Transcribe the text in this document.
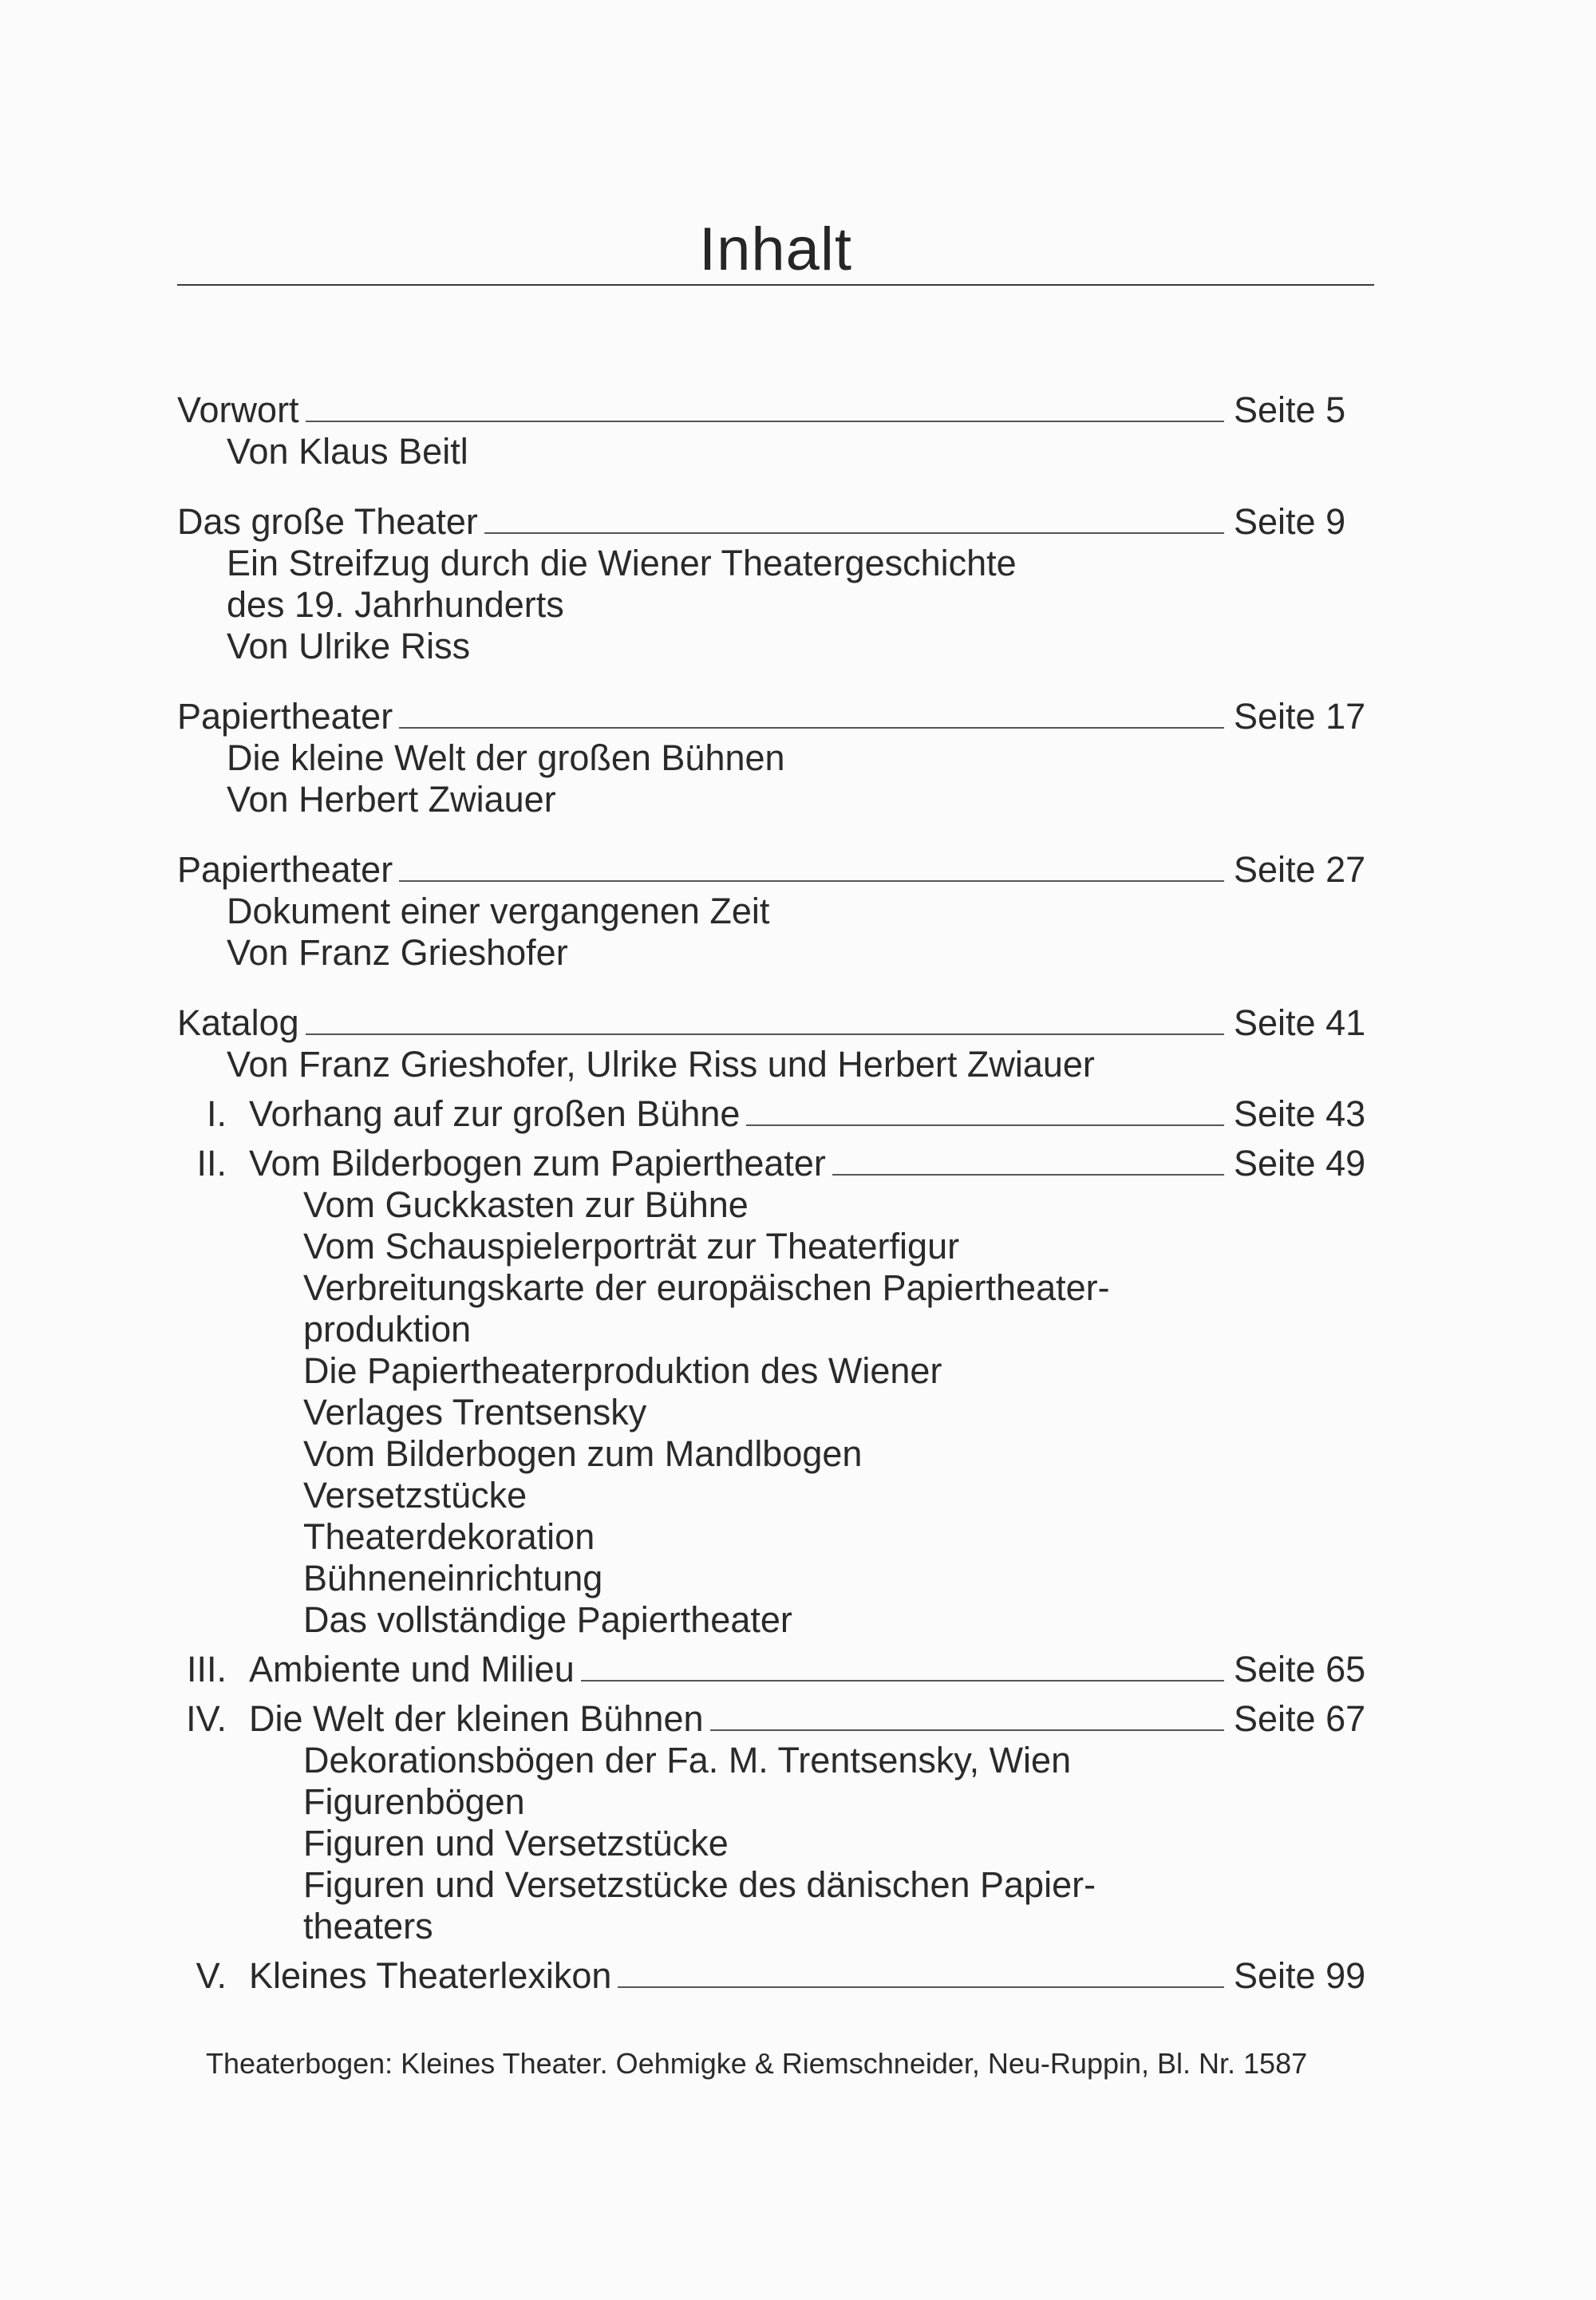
Inhalt
Vorwort	Seite 5
Von Klaus Beitl
Das große Theater	Seite 9
Ein Streifzug durch die Wiener Theatergeschichte
des 19. Jahrhunderts
Von Ulrike Riss
Papiertheater	Seite 17
Die kleine Welt der großen Bühnen
Von Herbert Zwiauer
Papiertheater	Seite 27
Dokument einer vergangenen Zeit
Von Franz Grieshofer
Katalog	Seite 41
Von Franz Grieshofer, Ulrike Riss und Herbert Zwiauer
I. Vorhang auf zur großen Bühne	Seite 43
II. Vom Bilderbogen zum Papiertheater	Seite 49
Vom Guckkasten zur Bühne
Vom Schauspielerporträt zur Theaterfigur
Verbreitungskarte der europäischen Papiertheater-
produktion
Die Papiertheaterproduktion des Wiener
Verlages Trentsensky
Vom Bilderbogen zum Mandlbogen
Versetzstücke
Theaterdekoration
Bühneneinrichtung
Das vollständige Papiertheater
III. Ambiente und Milieu	Seite 65
IV. Die Welt der kleinen Bühnen	Seite 67
Dekorationsbögen der Fa. M. Trentsensky, Wien
Figurenbögen
Figuren und Versetzstücke
Figuren und Versetzstücke des dänischen Papier-
theaters
V. Kleines Theaterlexikon	Seite 99
Theaterbogen: Kleines Theater. Oehmigke & Riemschneider, Neu-Ruppin, Bl. Nr. 1587
